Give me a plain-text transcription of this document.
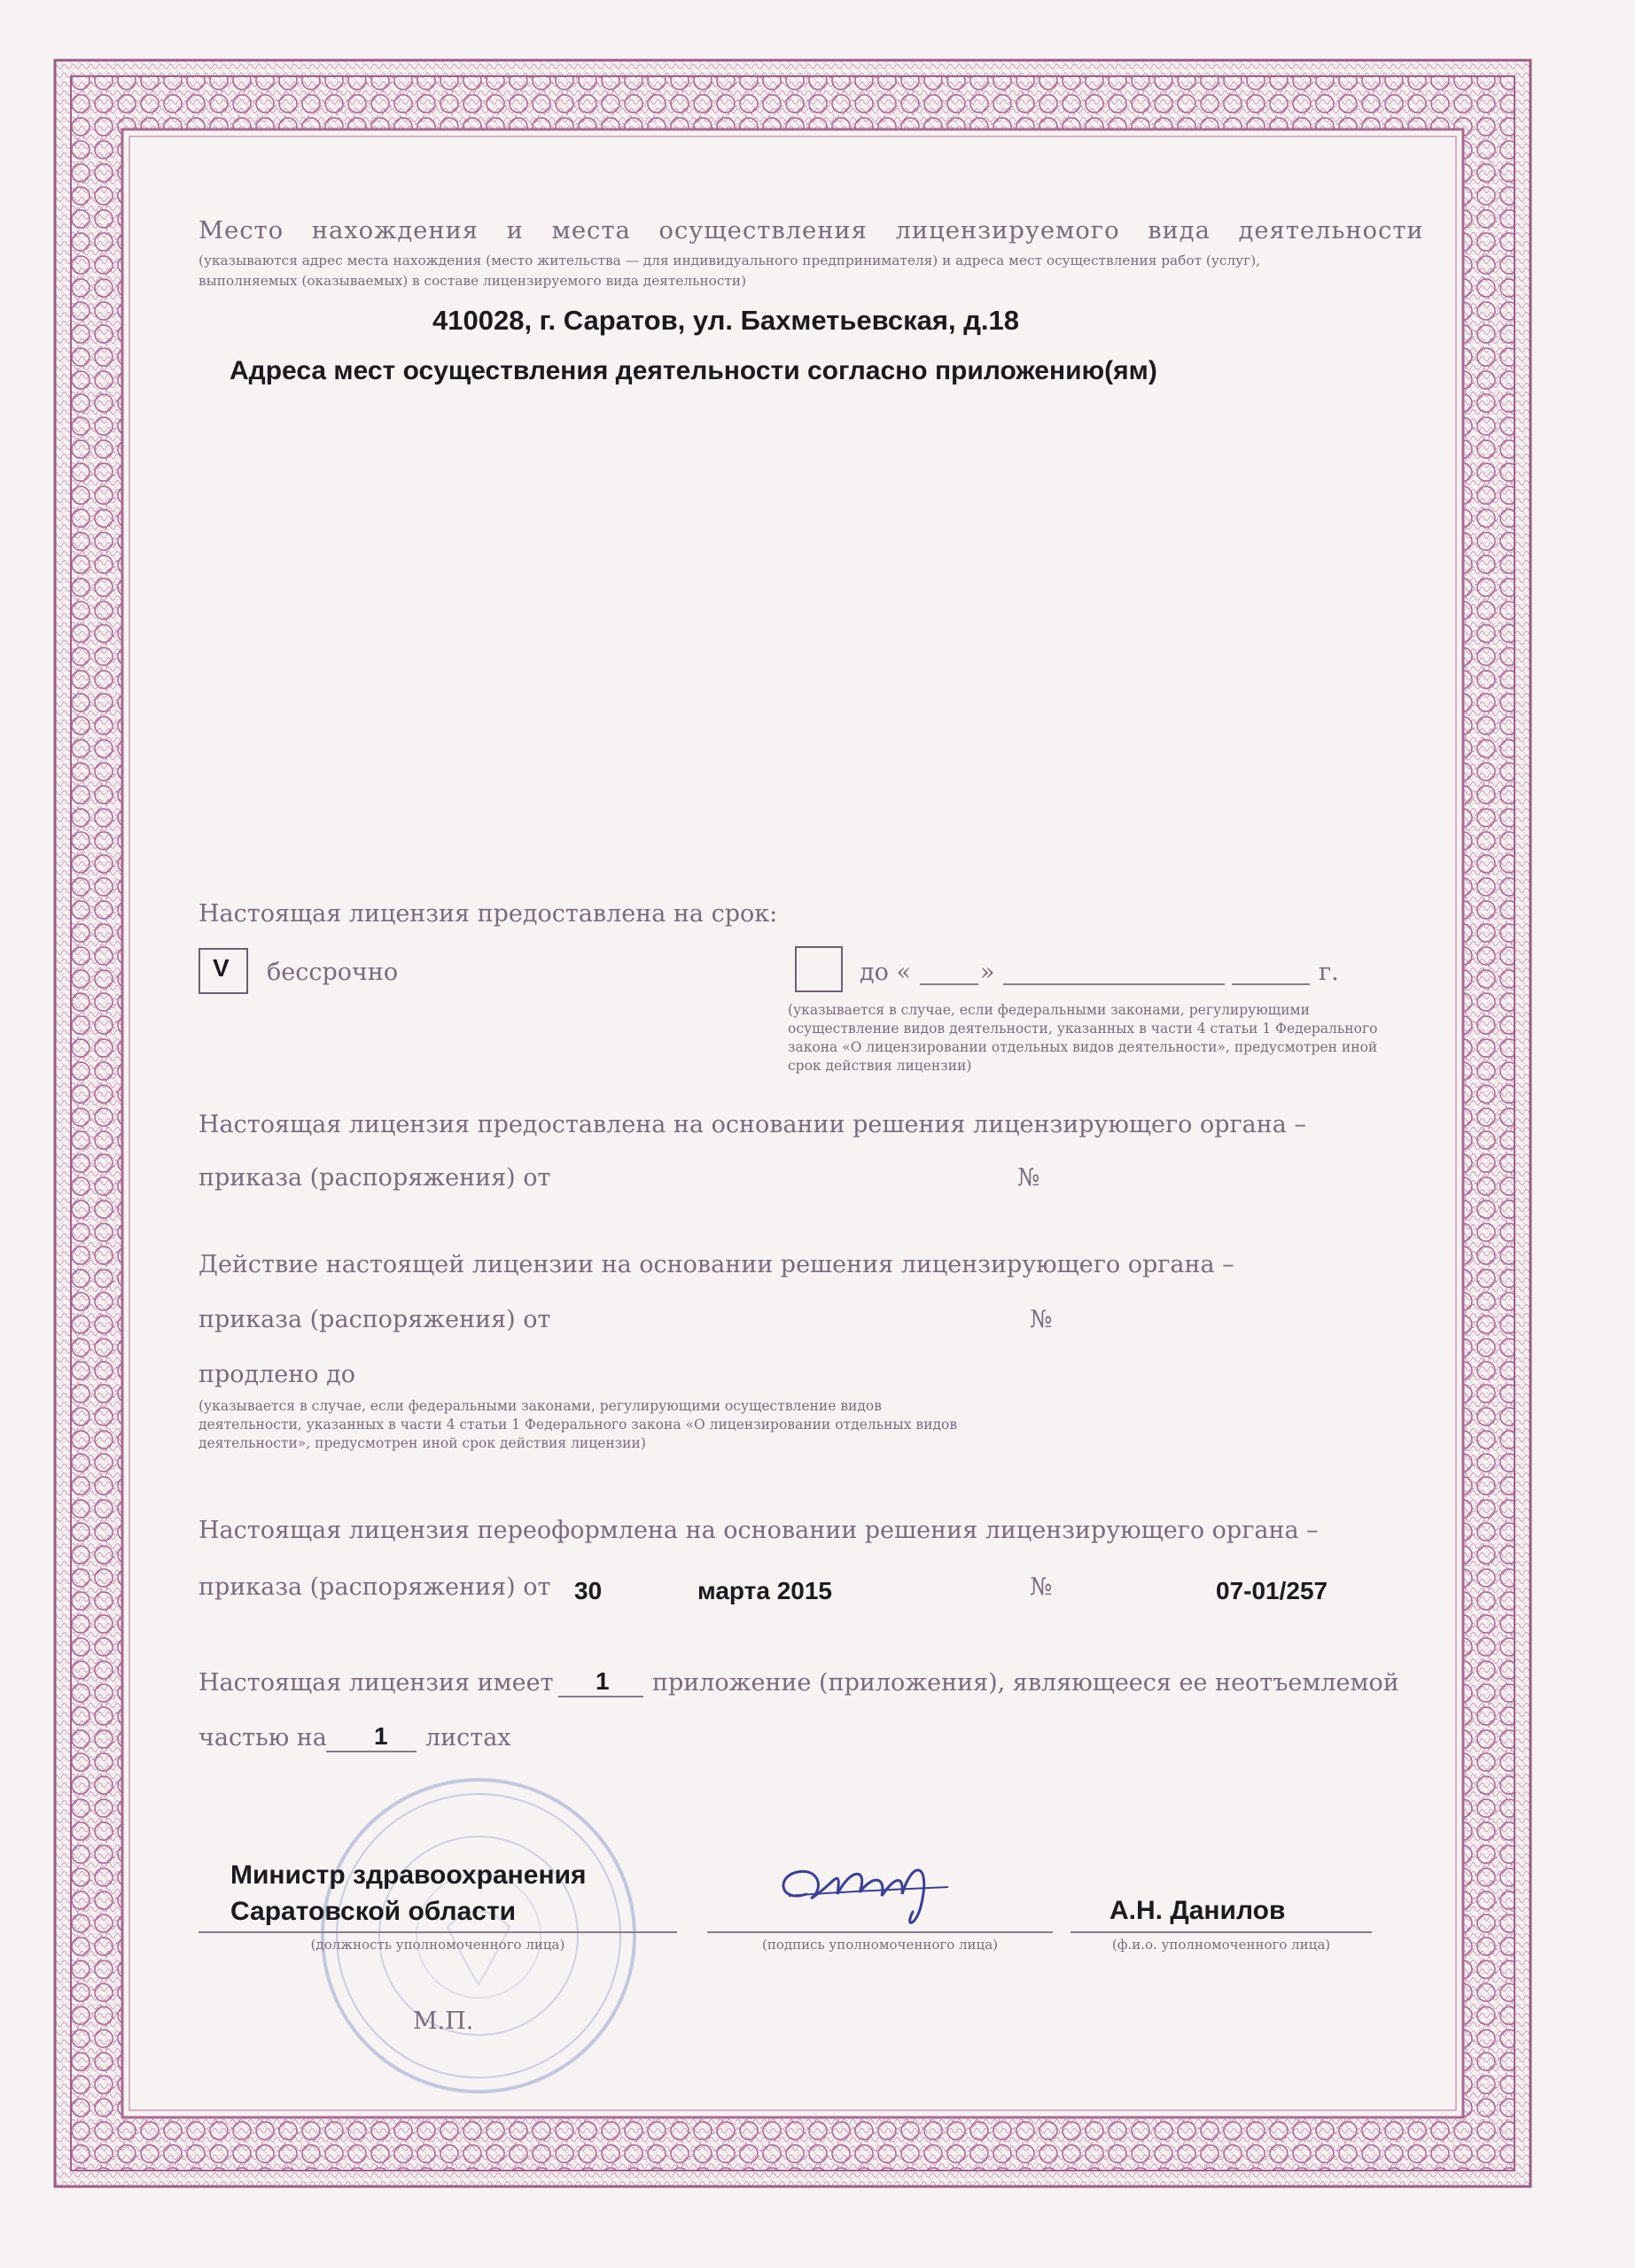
Место нахождения и места осуществления лицензируемого вида деятельности
(указываются адрес места нахождения (место жительства — для индивидуального предпринимателя) и адреса мест осуществления работ (услуг),
выполняемых (оказываемых) в составе лицензируемого вида деятельности)
410028, г. Саратов, ул. Бахметьевская, д.18
Адреса мест осуществления деятельности согласно приложению(ям)
Настоящая лицензия предоставлена на срок:
V бессрочно	до «	»	г.
(указывается в случае, если федеральными законами, регулирующими осуществление видов деятельности, указанных в части 4 статьи 1 Федерального закона «О лицензировании отдельных видов деятельности», предусмотрен иной срок действия лицензии)
Настоящая лицензия предоставлена на основании решения лицензирующего органа –
приказа (распоряжения) от	№
Действие настоящей лицензии на основании решения лицензирующего органа –
приказа (распоряжения) от	№
продлено до
(указывается в случае, если федеральными законами, регулирующими осуществление видов деятельности, указанных в части 4 статьи 1 Федерального закона «О лицензировании отдельных видов деятельности», предусмотрен иной срок действия лицензии)
Настоящая лицензия переоформлена на основании решения лицензирующего органа –
приказа (распоряжения) от 30	марта 2015	№	07-01/257
Настоящая лицензия имеет 1 приложение (приложения), являющееся ее неотъемлемой
частью на 1 листах
Министр здравоохранения
Саратовской области
(должность уполномоченного лица)	(подпись уполномоченного лица)
А.Н. Данилов
(ф.и.о. уполномоченного лица)
М.П.
